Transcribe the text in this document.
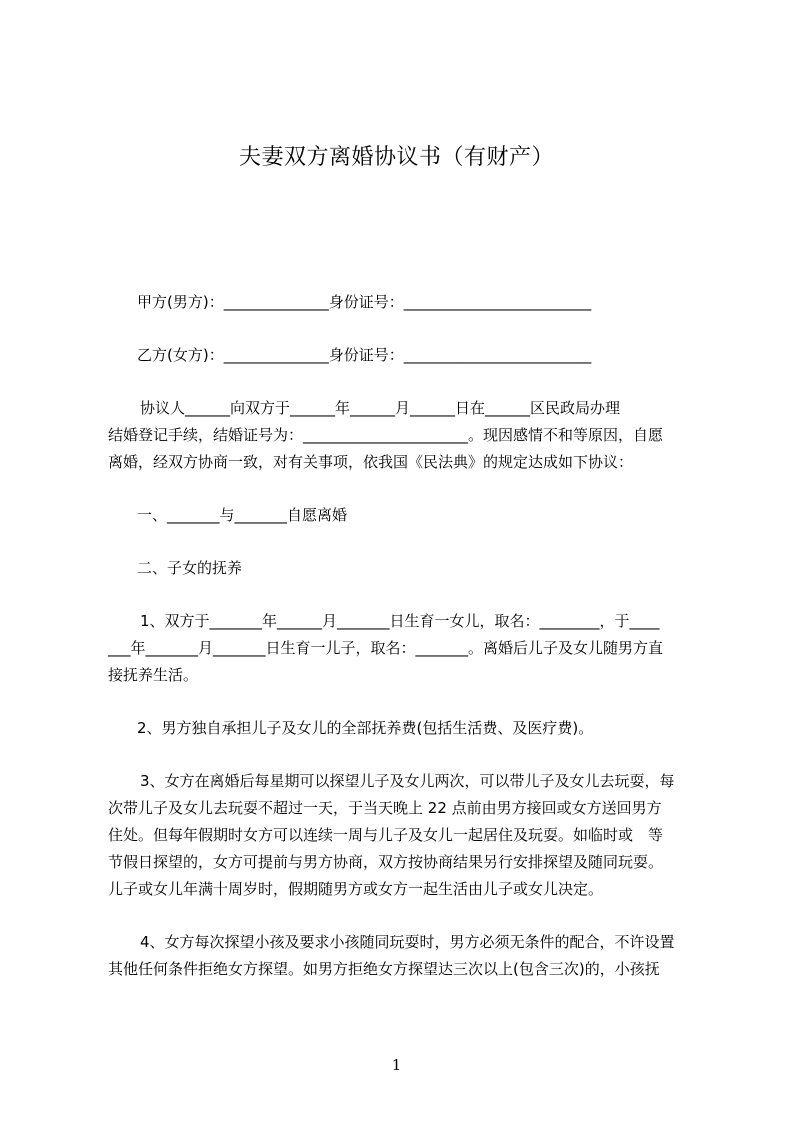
夫妻双方离婚协议书（有财产）
甲方(男方)：______________身份证号：_________________________
乙方(女方)：______________身份证号：_________________________
协议人______向双方于______年______月______日在______区民政局办理
结婚登记手续，结婚证号为：______________________。现因感情不和等原因，自愿
离婚，经双方协商一致，对有关事项，依我国《民法典》的规定达成如下协议：
一、_______与_______自愿离婚
二、子女的抚养
1、双方于_______年______月_______日生育一女儿，取名：________，于____
___年_______月_______日生育一儿子，取名：_______。离婚后儿子及女儿随男方直
接抚养生活。
2、男方独自承担儿子及女儿的全部抚养费(包括生活费、及医疗费)。
3、女方在离婚后每星期可以探望儿子及女儿两次，可以带儿子及女儿去玩耍，每
次带儿子及女儿去玩耍不超过一天，于当天晚上 22 点前由男方接回或女方送回男方
住处。但每年假期时女方可以连续一周与儿子及女儿一起居住及玩耍。如临时或　等
节假日探望的，女方可提前与男方协商，双方按协商结果另行安排探望及随同玩耍。
儿子或女儿年满十周岁时，假期随男方或女方一起生活由儿子或女儿决定。
4、女方每次探望小孩及要求小孩随同玩耍时，男方必须无条件的配合，不许设置
其他任何条件拒绝女方探望。如男方拒绝女方探望达三次以上(包含三次)的，小孩抚
1
